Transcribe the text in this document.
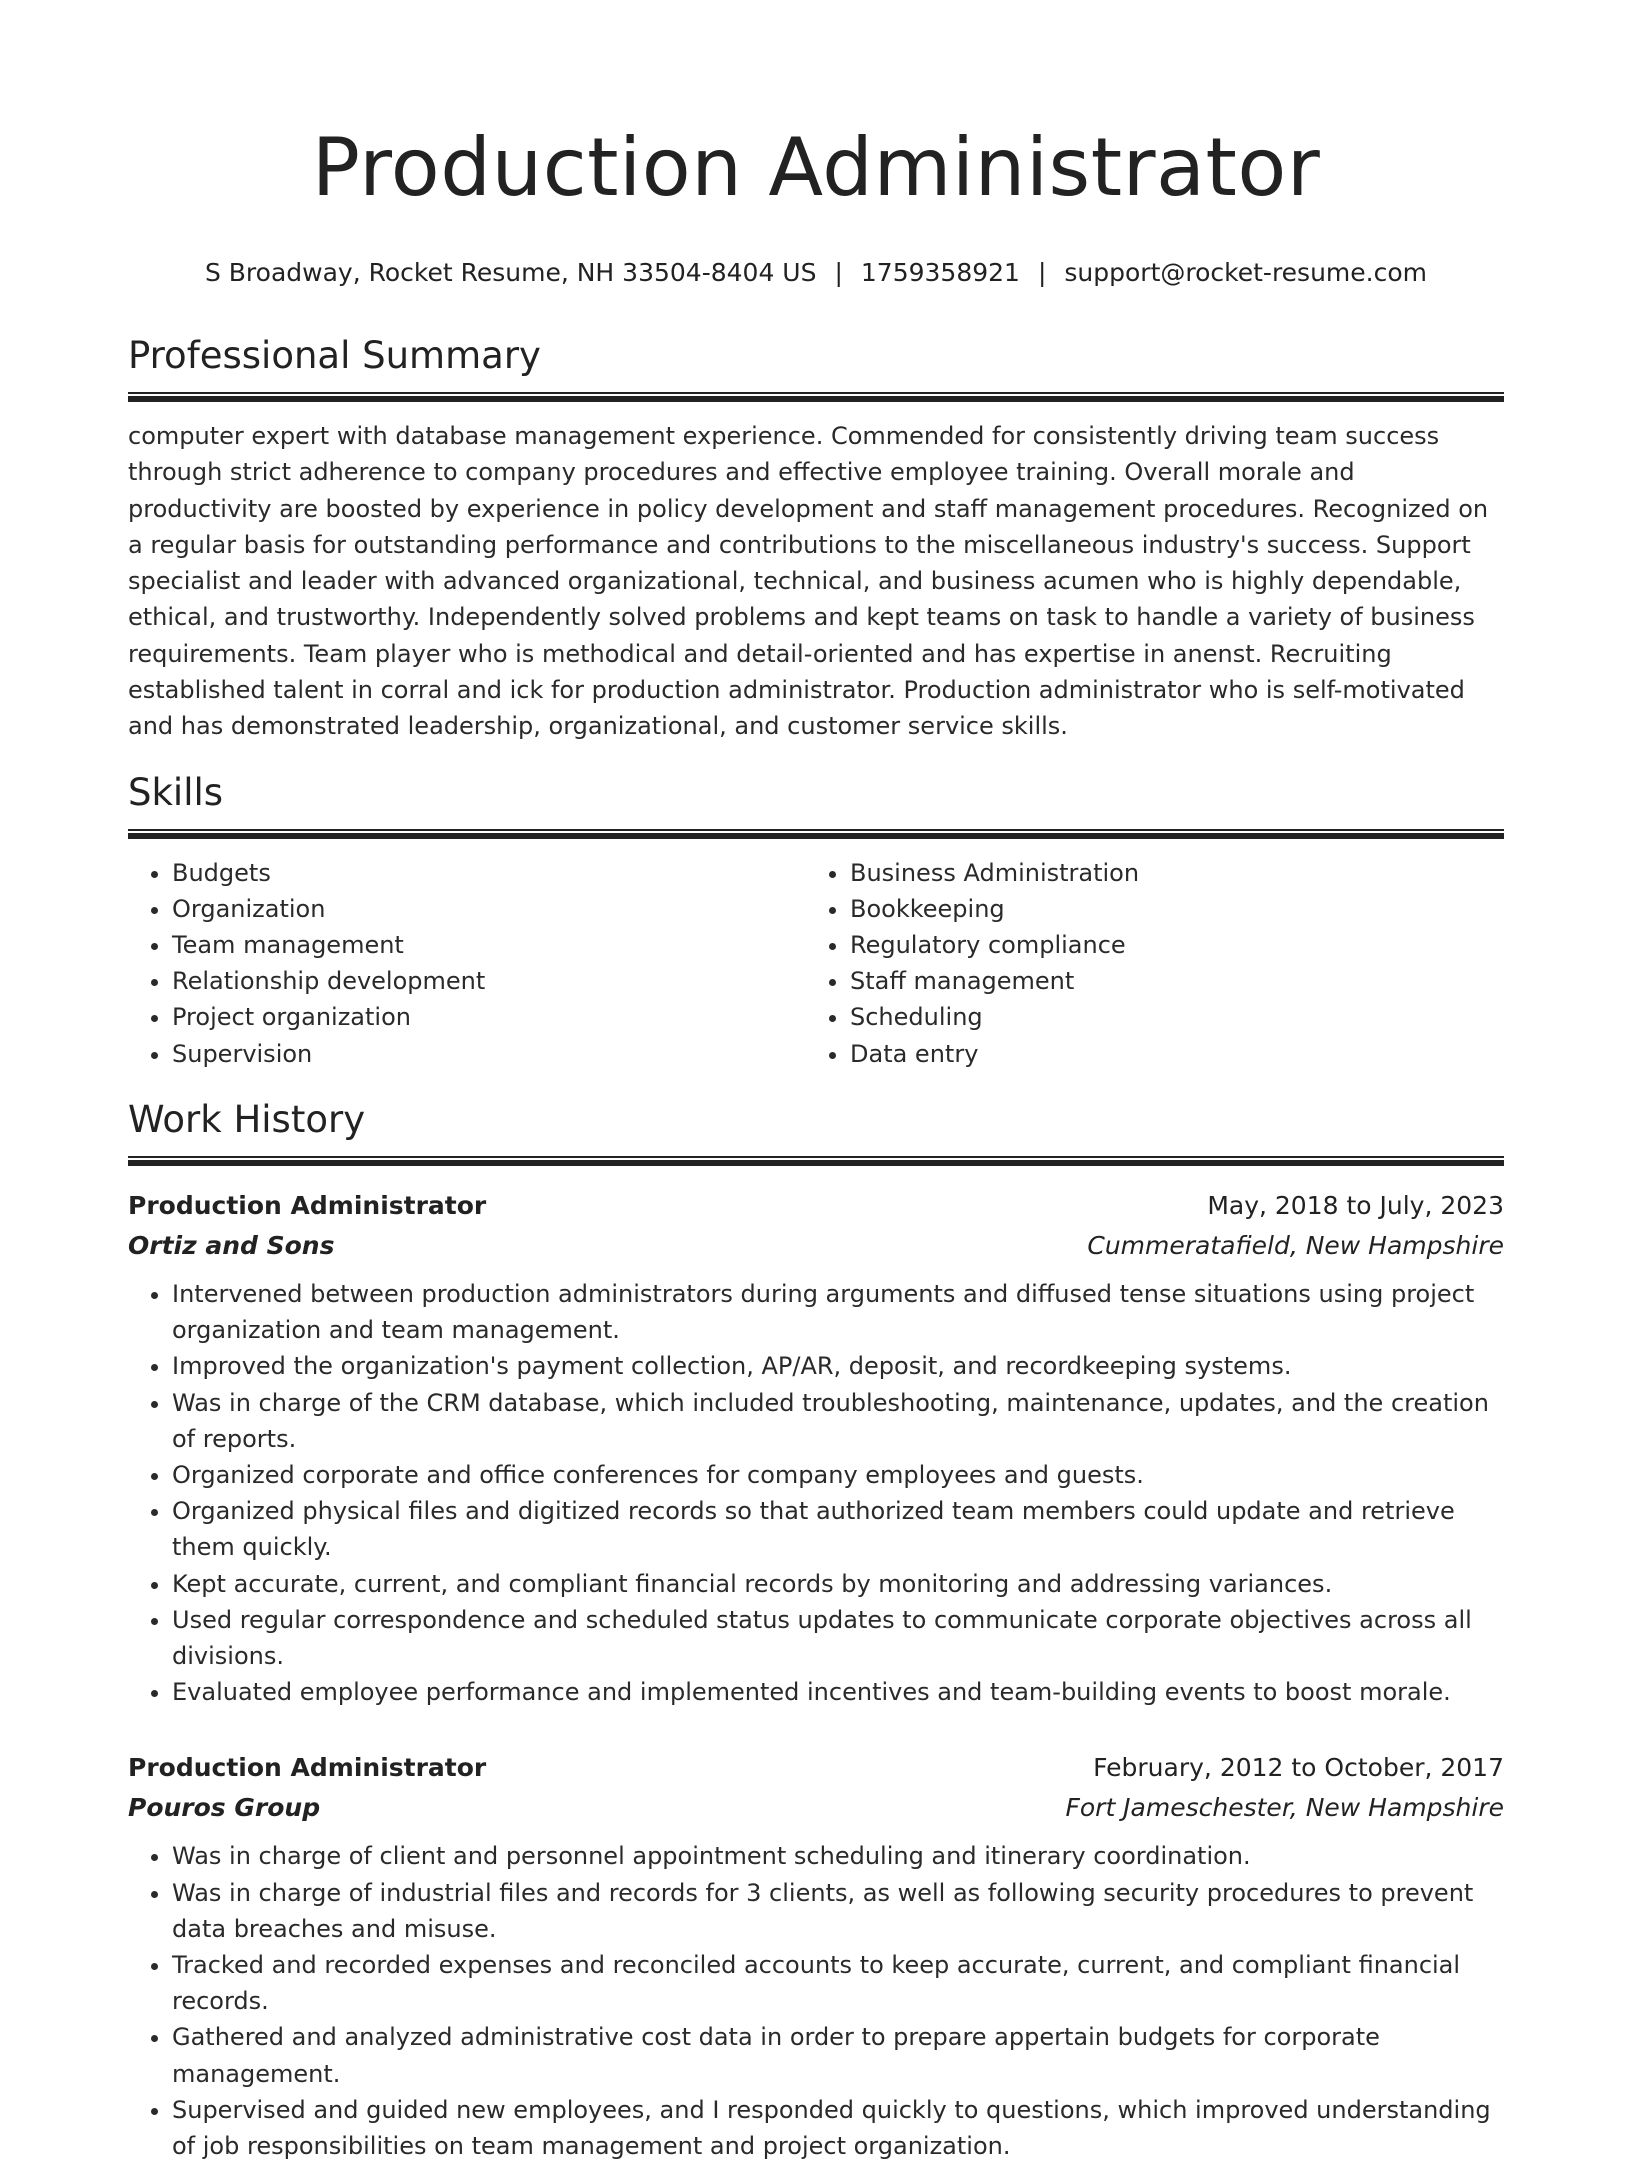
Production Administrator
S Broadway, Rocket Resume, NH 33504-8404 US | 1759358921 | support@rocket-resume.com
Professional Summary

computer expert with database management experience. Commended for consistently driving team success through strict adherence to company procedures and effective employee training. Overall morale and productivity are boosted by experience in policy development and staff management procedures. Recognized on a regular basis for outstanding performance and contributions to the miscellaneous industry's success. Support specialist and leader with advanced organizational, technical, and business acumen who is highly dependable, ethical, and trustworthy. Independently solved problems and kept teams on task to handle a variety of business requirements. Team player who is methodical and detail-oriented and has expertise in anenst. Recruiting established talent in corral and ick for production administrator. Production administrator who is self-motivated and has demonstrated leadership, organizational, and customer service skills.

Skills
• Budgets
• Organization
• Team management
• Relationship development
• Project organization
• Supervision
• Business Administration
• Bookkeeping
• Regulatory compliance
• Staff management
• Scheduling
• Data entry
Work History
Production Administrator	May, 2018 to July, 2023
Ortiz and Sons	Cummeratafield, New Hampshire
• Intervened between production administrators during arguments and diffused tense situations using project organization and team management.
• Improved the organization's payment collection, AP/AR, deposit, and recordkeeping systems.
• Was in charge of the CRM database, which included troubleshooting, maintenance, updates, and the creation of reports.
• Organized corporate and office conferences for company employees and guests.
• Organized physical files and digitized records so that authorized team members could update and retrieve them quickly.
• Kept accurate, current, and compliant financial records by monitoring and addressing variances.
• Used regular correspondence and scheduled status updates to communicate corporate objectives across all divisions.
• Evaluated employee performance and implemented incentives and team-building events to boost morale.
Production Administrator	February, 2012 to October, 2017
Pouros Group	Fort Jameschester, New Hampshire
• Was in charge of client and personnel appointment scheduling and itinerary coordination.
• Was in charge of industrial files and records for 3 clients, as well as following security procedures to prevent data breaches and misuse.
• Tracked and recorded expenses and reconciled accounts to keep accurate, current, and compliant financial records.
• Gathered and analyzed administrative cost data in order to prepare appertain budgets for corporate management.
• Supervised and guided new employees, and I responded quickly to questions, which improved understanding of job responsibilities on team management and project organization.
